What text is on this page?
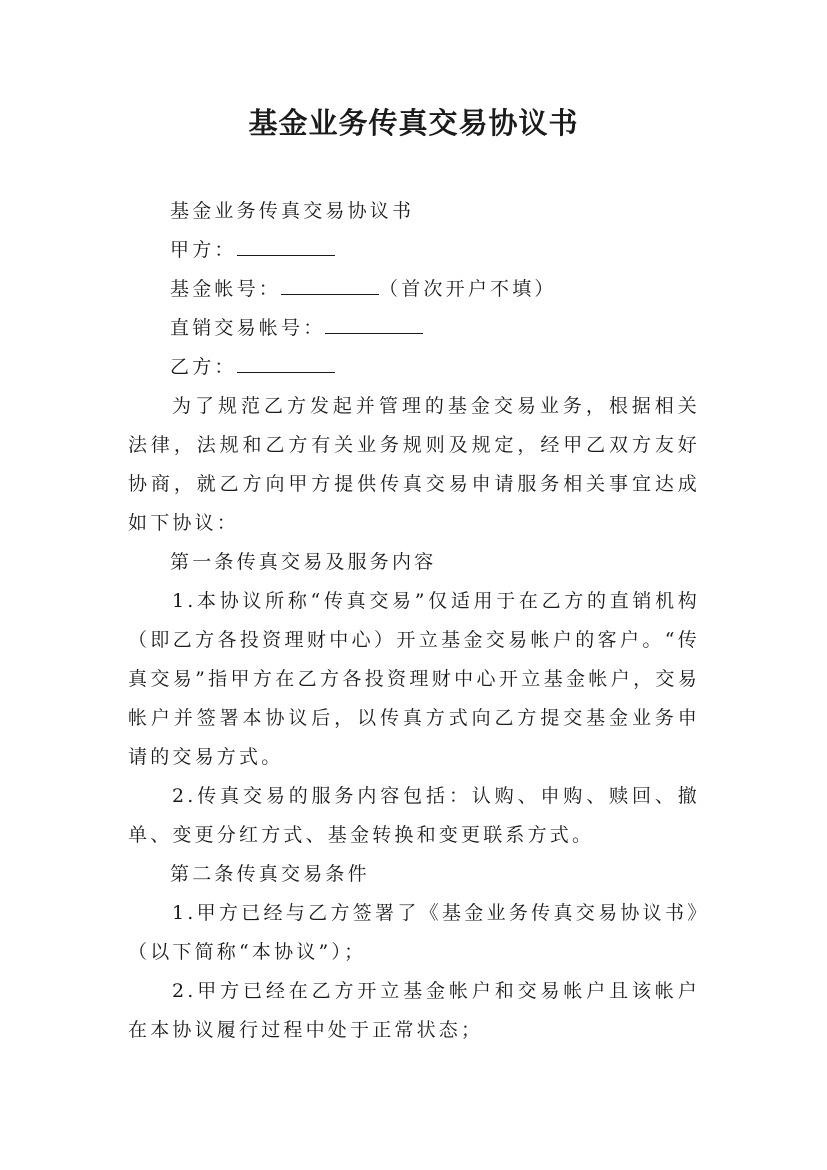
基金业务传真交易协议书

基金业务传真交易协议书

甲方：

基金帐号：	（首次开户不填）

直销交易帐号：

乙方：

为了规范乙方发起并管理的基金交易业务，根据相关法律，法规和乙方有关业务规则及规定，经甲乙双方友好协商，就乙方向甲方提供传真交易申请服务相关事宜达成如下协议：

第一条传真交易及服务内容

1.本协议所称“传真交易”仅适用于在乙方的直销机构（即乙方各投资理财中心）开立基金交易帐户的客户。“传真交易”指甲方在乙方各投资理财中心开立基金帐户，交易帐户并签署本协议后，以传真方式向乙方提交基金业务申请的交易方式。

2.传真交易的服务内容包括：认购、申购、赎回、撤单、变更分红方式、基金转换和变更联系方式。

第二条传真交易条件

1.甲方已经与乙方签署了《基金业务传真交易协议书》（以下简称“本协议”）；

2.甲方已经在乙方开立基金帐户和交易帐户且该帐户在本协议履行过程中处于正常状态；
